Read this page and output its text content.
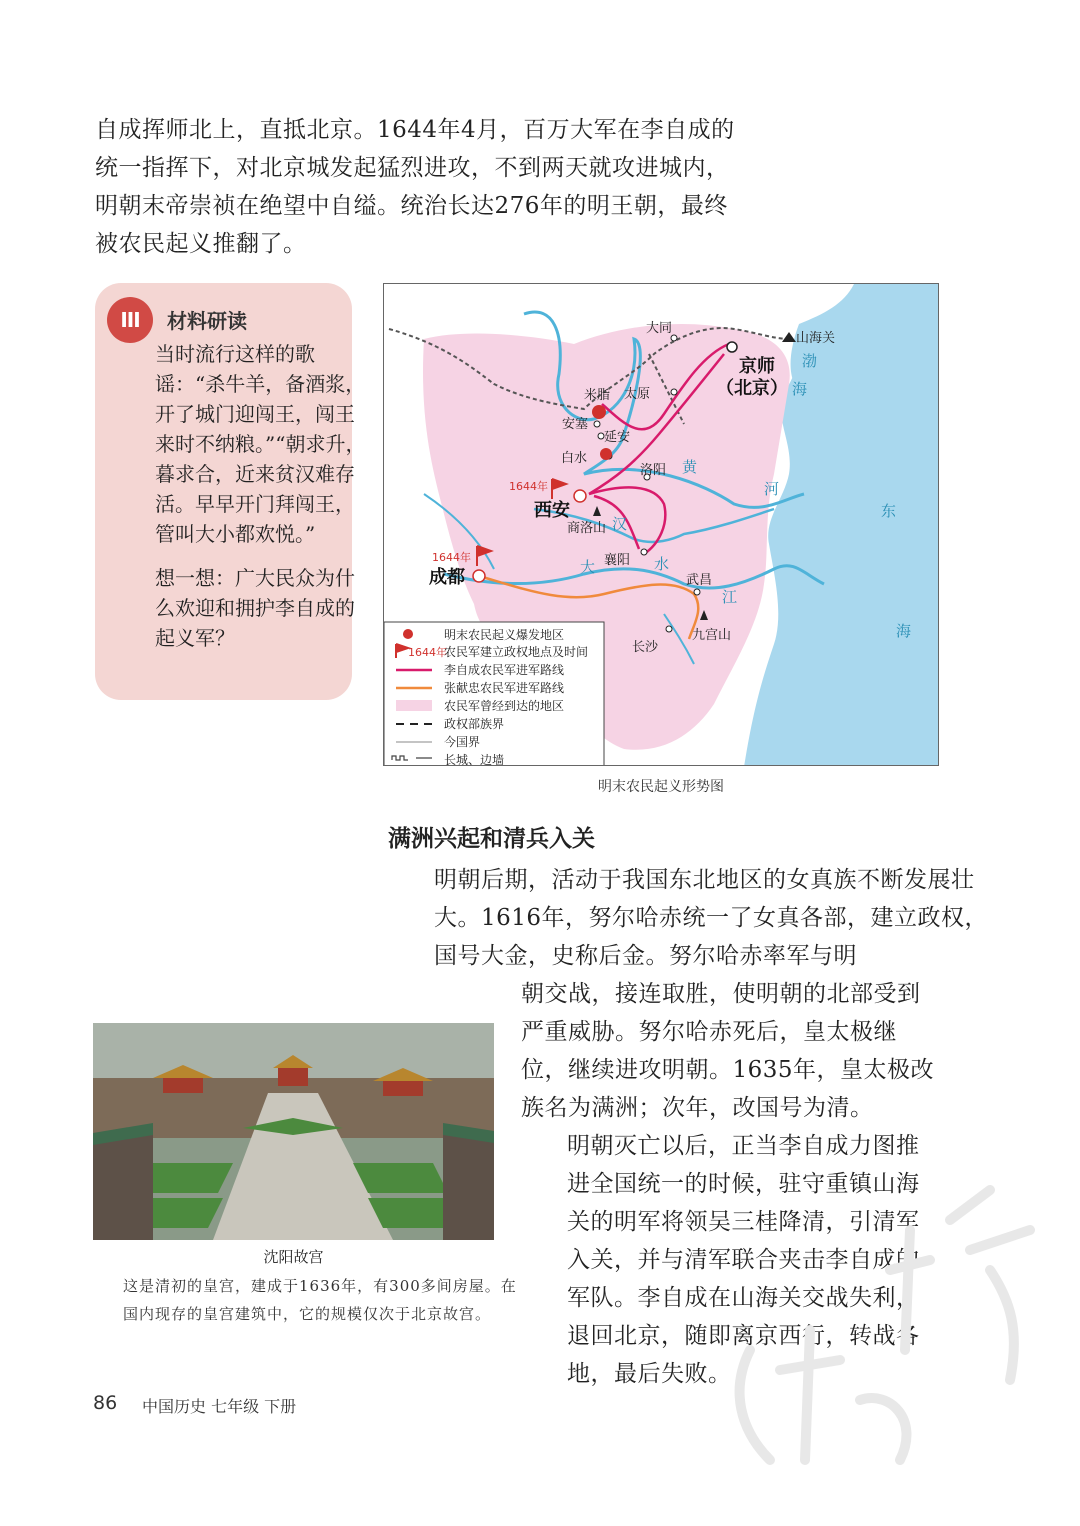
自成挥师北上，直抵北京。1644年4月，百万大军在李自成的统一指挥下，对北京城发起猛烈进攻，不到两天就攻进城内，明朝末帝崇祯在绝望中自缢。统治长达276年的明王朝，最终被农民起义推翻了。

III	材料研读

当时流行这样的歌谣：“杀牛羊，备酒浆，开了城门迎闯王，闯王来时不纳粮。”“朝求升，暮求合，近来贫汉难存活。早早开门拜闯王，管叫大小都欢悦。”

想一想：广大民众为什么欢迎和拥护李自成的起义军？

大同
山海关
京师
（北京）
米脂 太原
安塞
延安
白水
洛阳
1644年
西安
商洛山
襄阳
1644年
成都	武昌
九宫山
长沙
渤
海
黄
河
东
海
汉
水
大
江
明末农民起义爆发地区
1644年
农民军建立政权地点及时间
李自成农民军进军路线
张献忠农民军进军路线
农民军曾经到达的地区
政权部族界
今国界
长城、边墙
明末农民起义形势图
满洲兴起和清兵入关

明朝后期，活动于我国东北地区的女真族不断发展壮大。1616年，努尔哈赤统一了女真各部，建立政权，国号大金，史称后金。努尔哈赤率军与明

朝交战，接连取胜，使明朝的北部受到严重威胁。努尔哈赤死后，皇太极继位，继续进攻明朝。1635年，皇太极改族名为满洲；次年，改国号为清。
明朝灭亡以后，正当李自成力图推进全国统一的时候，驻守重镇山海关的明军将领吴三桂降清，引清军入关，并与清军联合夹击李自成的军队。李自成在山海关交战失利，退回北京，随即离京西行，转战各地，最后失败。
沈阳故宫

这是清初的皇宫，建成于1636年，有300多间房屋。在国内现存的皇宫建筑中，它的规模仅次于北京故宫。

86 中国历史 七年级 下册
